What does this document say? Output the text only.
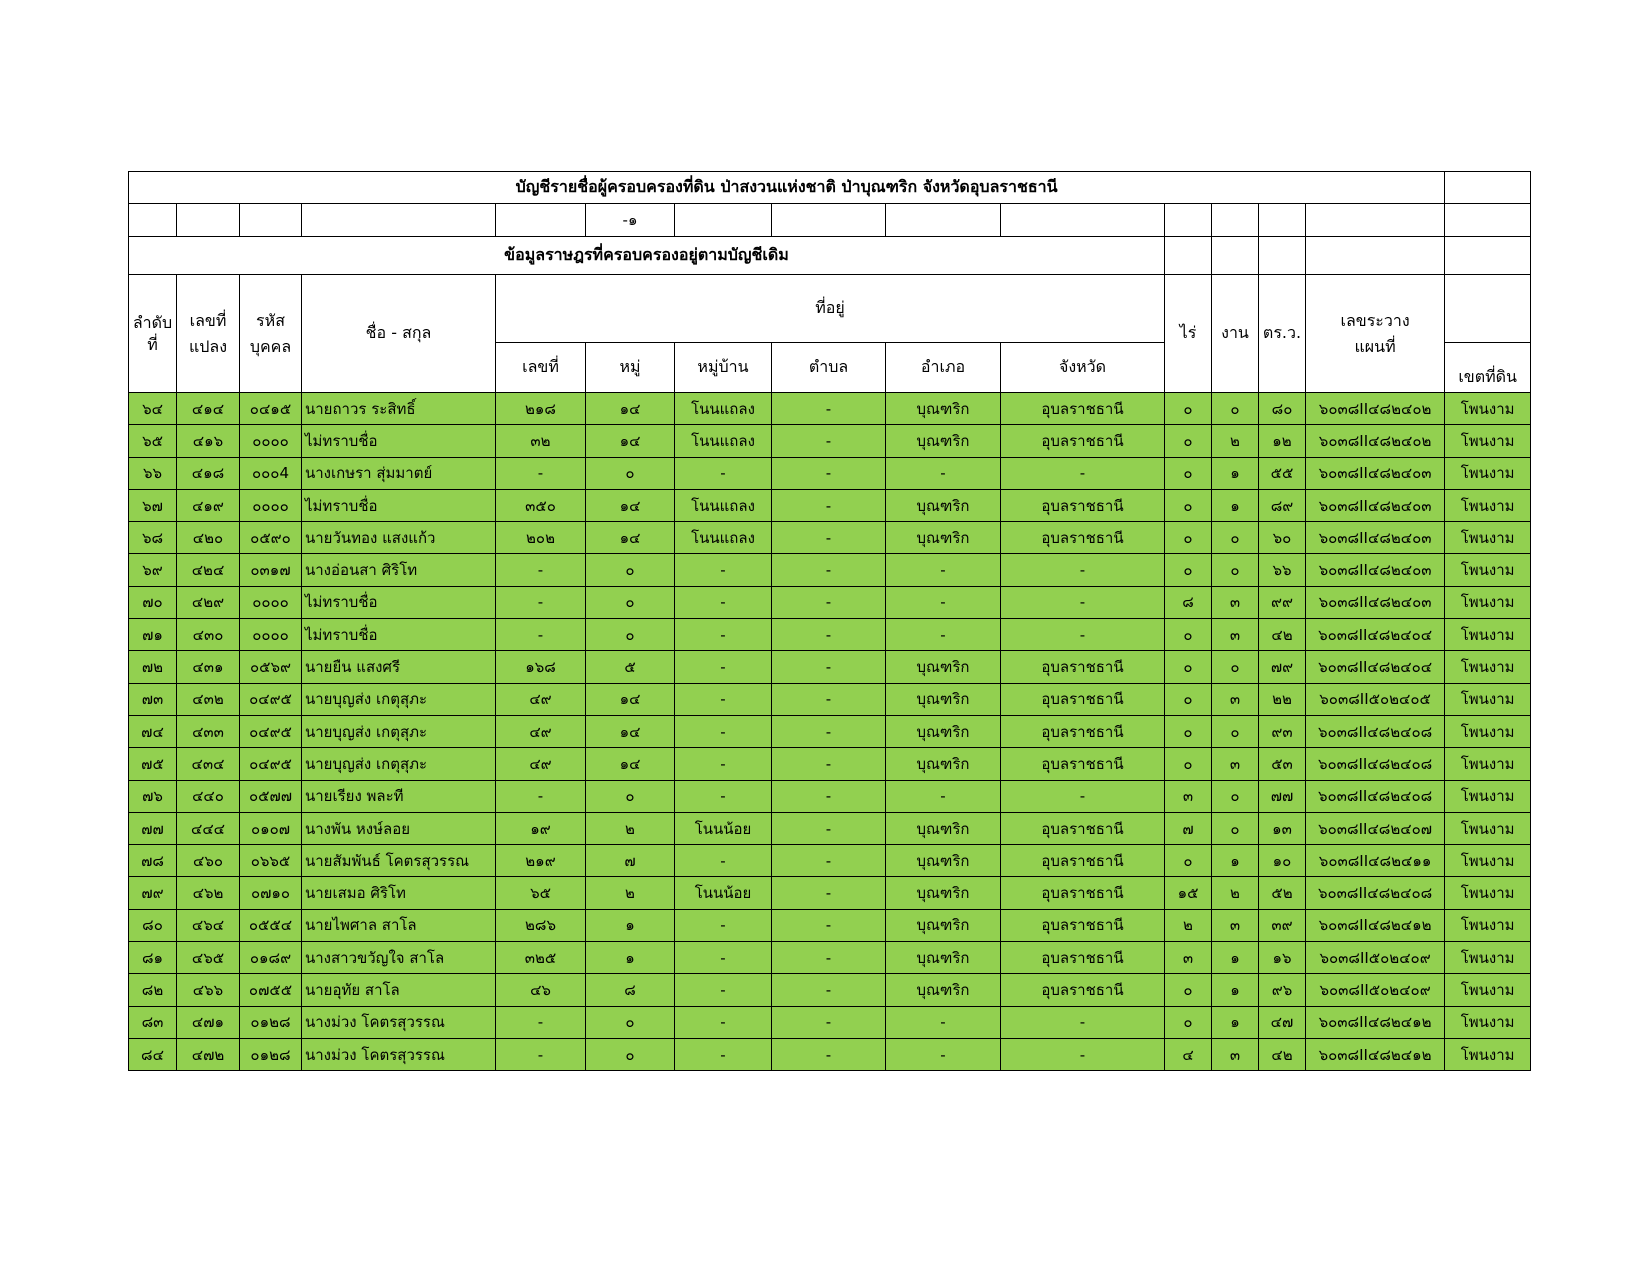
บัญชีรายชื่อผู้ครอบครองที่ดิน ป่าสงวนแห่งชาติ ป่าบุณฑริก จังหวัดอุบลราชธานี														
					-๑									
ข้อมูลราษฎรที่ครอบครองอยู่ตามบัญชีเดิม														
ลำดับที่	เลขที่แปลง	รหัสบุคคล	ชื่อ - สกุล	ที่อยู่						ไร่	งาน	ตร.ว.	เลขระวางแผนที่	
				เลขที่	หมู่	หมู่บ้าน	ตำบล	อำเภอ	จังหวัด					เขตที่ดิน
๖๔	๔๑๔	๐๔๑๕	นายถาวร ระสิทธิ์	๒๑๘	๑๔	โนนแถลง	-	บุณฑริก	อุบลราชธานี	๐	๐	๘๐	๖๐๓๘II๔๘๒๔๐๒	โพนงาม
๖๕	๔๑๖	๐๐๐๐	ไม่ทราบชื่อ	๓๒	๑๔	โนนแถลง	-	บุณฑริก	อุบลราชธานี	๐	๒	๑๒	๖๐๓๘II๔๘๒๔๐๒	โพนงาม
๖๖	๔๑๘	๐๐๐4	นางเกษรา สุ่มมาตย์	-	๐	-	-	-	-	๐	๑	๕๕	๖๐๓๘II๔๘๒๔๐๓	โพนงาม
๖๗	๔๑๙	๐๐๐๐	ไม่ทราบชื่อ	๓๕๐	๑๔	โนนแถลง	-	บุณฑริก	อุบลราชธานี	๐	๑	๘๙	๖๐๓๘II๔๘๒๔๐๓	โพนงาม
๖๘	๔๒๐	๐๕๙๐	นายวันทอง แสงแก้ว	๒๐๒	๑๔	โนนแถลง	-	บุณฑริก	อุบลราชธานี	๐	๐	๖๐	๖๐๓๘II๔๘๒๔๐๓	โพนงาม
๖๙	๔๒๔	๐๓๑๗	นางอ่อนสา ศิริโท	-	๐	-	-	-	-	๐	๐	๖๖	๖๐๓๘II๔๘๒๔๐๓	โพนงาม
๗๐	๔๒๙	๐๐๐๐	ไม่ทราบชื่อ	-	๐	-	-	-	-	๘	๓	๙๙	๖๐๓๘II๔๘๒๔๐๓	โพนงาม
๗๑	๔๓๐	๐๐๐๐	ไม่ทราบชื่อ	-	๐	-	-	-	-	๐	๓	๔๒	๖๐๓๘II๔๘๒๔๐๔	โพนงาม
๗๒	๔๓๑	๐๕๖๙	นายยืน แสงศรี	๑๖๘	๕	-	-	บุณฑริก	อุบลราชธานี	๐	๐	๗๙	๖๐๓๘II๔๘๒๔๐๔	โพนงาม
๗๓	๔๓๒	๐๔๙๕	นายบุญส่ง เกตุสุภะ	๔๙	๑๔	-	-	บุณฑริก	อุบลราชธานี	๐	๓	๒๒	๖๐๓๘II๕๐๒๔๐๕	โพนงาม
๗๔	๔๓๓	๐๔๙๕	นายบุญส่ง เกตุสุภะ	๔๙	๑๔	-	-	บุณฑริก	อุบลราชธานี	๐	๐	๙๓	๖๐๓๘II๔๘๒๔๐๘	โพนงาม
๗๕	๔๓๔	๐๔๙๕	นายบุญส่ง เกตุสุภะ	๔๙	๑๔	-	-	บุณฑริก	อุบลราชธานี	๐	๓	๕๓	๖๐๓๘II๔๘๒๔๐๘	โพนงาม
๗๖	๔๔๐	๐๕๗๗	นายเรียง พละที	-	๐	-	-	-	-	๓	๐	๗๗	๖๐๓๘II๔๘๒๔๐๘	โพนงาม
๗๗	๔๔๔	๐๑๐๗	นางพัน หงษ์ลอย	๑๙	๒	โนนน้อย	-	บุณฑริก	อุบลราชธานี	๗	๐	๑๓	๖๐๓๘II๔๘๒๔๐๗	โพนงาม
๗๘	๔๖๐	๐๖๖๕	นายสัมพันธ์ โคตรสุวรรณ	๒๑๙	๗	-	-	บุณฑริก	อุบลราชธานี	๐	๑	๑๐	๖๐๓๘II๔๘๒๔๑๑	โพนงาม
๗๙	๔๖๒	๐๗๑๐	นายเสมอ ศิริโท	๖๕	๒	โนนน้อย	-	บุณฑริก	อุบลราชธานี	๑๕	๒	๕๒	๖๐๓๘II๔๘๒๔๐๘	โพนงาม
๘๐	๔๖๔	๐๕๕๔	นายไพศาล สาโล	๒๘๖	๑	-	-	บุณฑริก	อุบลราชธานี	๒	๓	๓๙	๖๐๓๘II๔๘๒๔๑๒	โพนงาม
๘๑	๔๖๕	๐๑๘๙	นางสาวขวัญใจ สาโล	๓๒๕	๑	-	-	บุณฑริก	อุบลราชธานี	๓	๑	๑๖	๖๐๓๘II๕๐๒๔๐๙	โพนงาม
๘๒	๔๖๖	๐๗๕๕	นายอุทัย สาโล	๔๖	๘	-	-	บุณฑริก	อุบลราชธานี	๐	๑	๙๖	๖๐๓๘II๕๐๒๔๐๙	โพนงาม
๘๓	๔๗๑	๐๑๒๘	นางม่วง โคตรสุวรรณ	-	๐	-	-	-	-	๐	๑	๔๗	๖๐๓๘II๔๘๒๔๑๒	โพนงาม
๘๔	๔๗๒	๐๑๒๘	นางม่วง โคตรสุวรรณ	-	๐	-	-	-	-	๔	๓	๔๒	๖๐๓๘II๔๘๒๔๑๒	โพนงาม
